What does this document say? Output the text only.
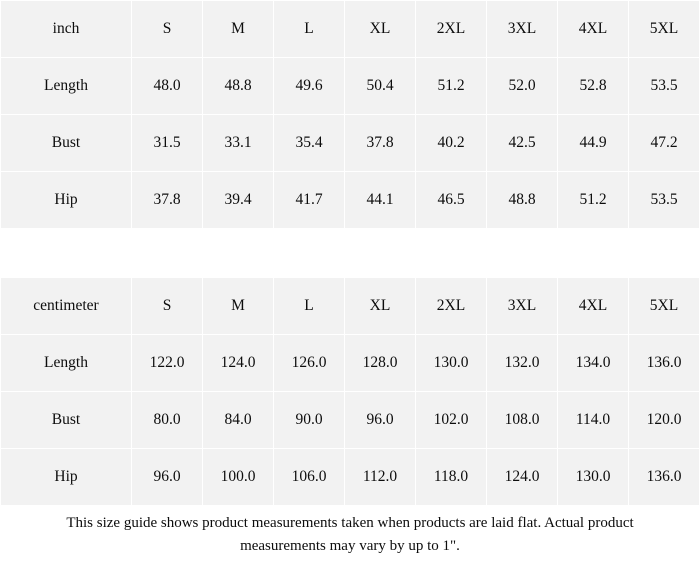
inch	S	M	L	XL	2XL	3XL	4XL	5XL
Length	48.0	48.8	49.6	50.4	51.2	52.0	52.8	53.5
Bust	31.5	33.1	35.4	37.8	40.2	42.5	44.9	47.2
Hip	37.8	39.4	41.7	44.1	46.5	48.8	51.2	53.5

centimeter	S	M	L	XL	2XL	3XL	4XL	5XL
Length	122.0	124.0	126.0	128.0	130.0	132.0	134.0	136.0
Bust	80.0	84.0	90.0	96.0	102.0	108.0	114.0	120.0
Hip	96.0	100.0	106.0	112.0	118.0	124.0	130.0	136.0
This size guide shows product measurements taken when products are laid flat. Actual product
measurements may vary by up to 1".
